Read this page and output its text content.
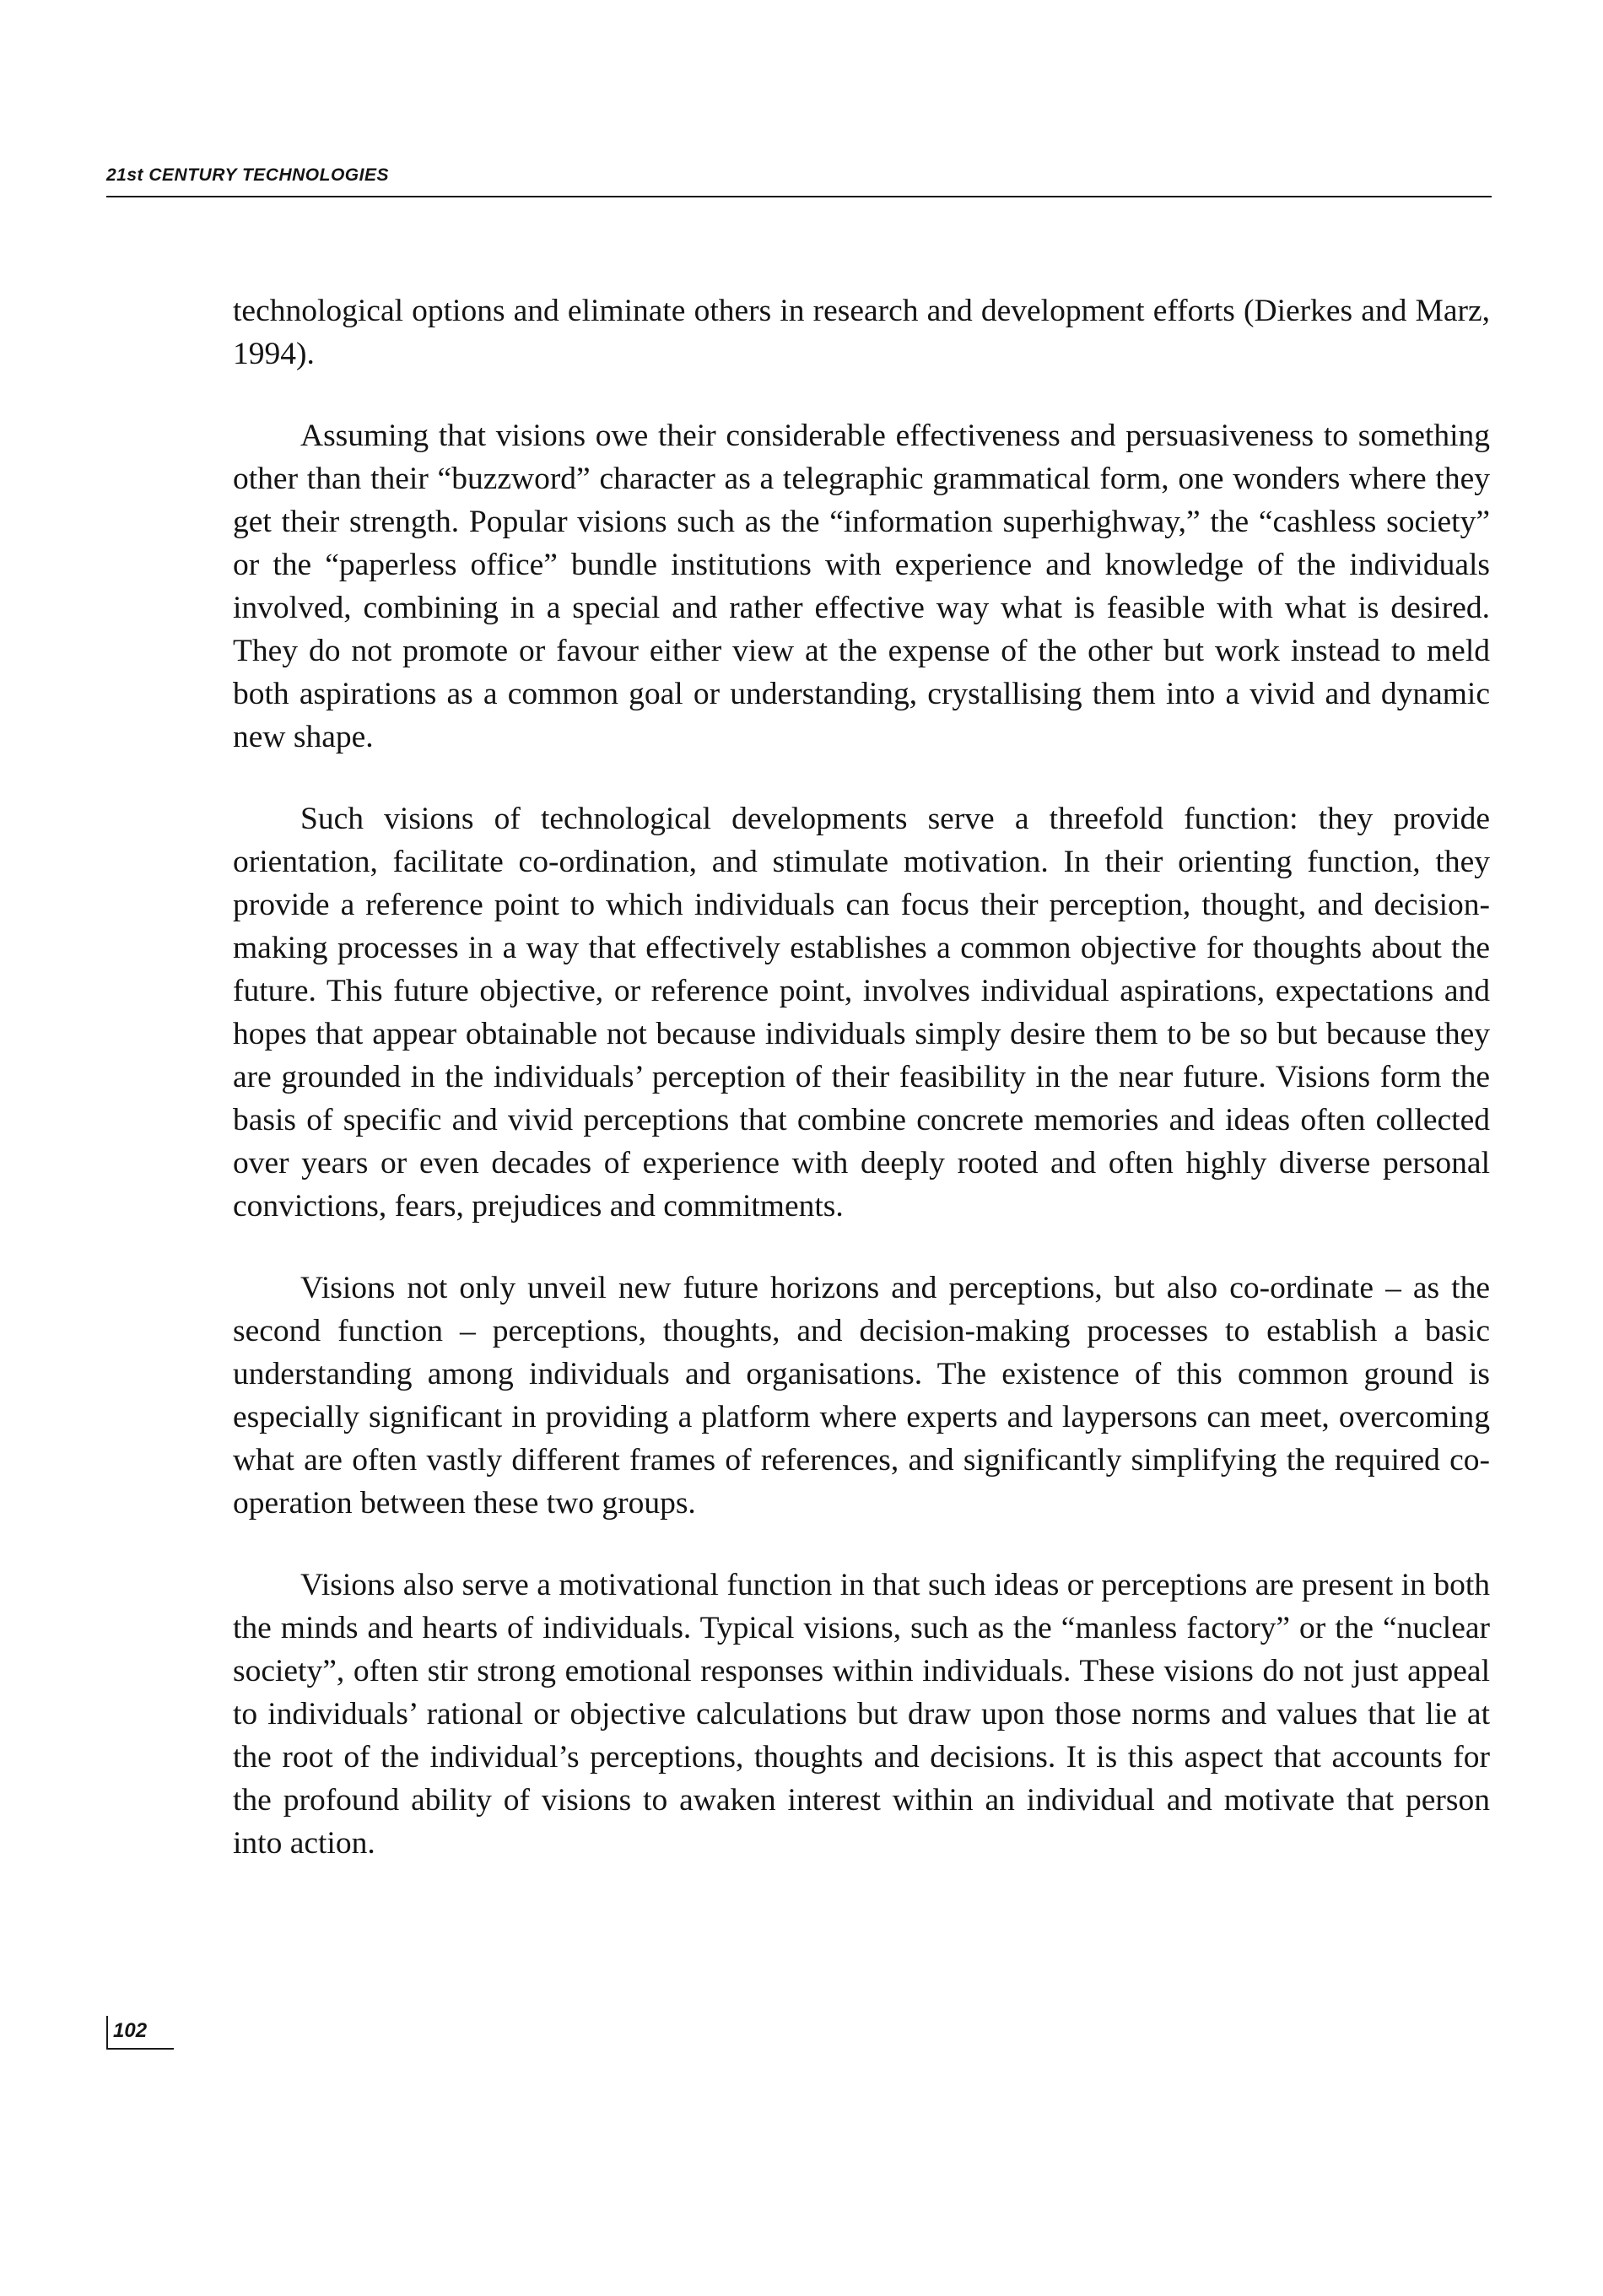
21st CENTURY TECHNOLOGIES

technological options and eliminate others in research and development efforts (Dierkes and Marz, 1994).

Assuming that visions owe their considerable effectiveness and persuasiveness to something other than their “buzzword” character as a telegraphic grammatical form, one wonders where they get their strength. Popular visions such as the “information superhighway,” the “cashless society” or the “paperless office” bundle institutions with experience and knowledge of the individuals involved, combining in a special and rather effective way what is feasible with what is desired. They do not promote or favour either view at the expense of the other but work instead to meld both aspirations as a common goal or understanding, crystallising them into a vivid and dynamic new shape.

Such visions of technological developments serve a threefold function: they provide orientation, facilitate co-ordination, and stimulate motivation. In their orienting function, they provide a reference point to which individuals can focus their perception, thought, and decision-making processes in a way that effectively establishes a common objective for thoughts about the future. This future objective, or reference point, involves individual aspirations, expectations and hopes that appear obtainable not because individuals simply desire them to be so but because they are grounded in the individuals’ perception of their feasibility in the near future. Visions form the basis of specific and vivid perceptions that combine concrete memories and ideas often collected over years or even decades of experience with deeply rooted and often highly diverse personal convictions, fears, prejudices and commitments.

Visions not only unveil new future horizons and perceptions, but also co-ordinate – as the second function – perceptions, thoughts, and decision-making processes to establish a basic understanding among individuals and organisations. The existence of this common ground is especially significant in providing a platform where experts and laypersons can meet, overcoming what are often vastly different frames of references, and significantly simplifying the required co-operation between these two groups.

Visions also serve a motivational function in that such ideas or perceptions are present in both the minds and hearts of individuals. Typical visions, such as the “manless factory” or the “nuclear society”, often stir strong emotional responses within individuals. These visions do not just appeal to individuals’ rational or objective calculations but draw upon those norms and values that lie at the root of the individual’s perceptions, thoughts and decisions. It is this aspect that accounts for the profound ability of visions to awaken interest within an individual and motivate that person into action.

102
